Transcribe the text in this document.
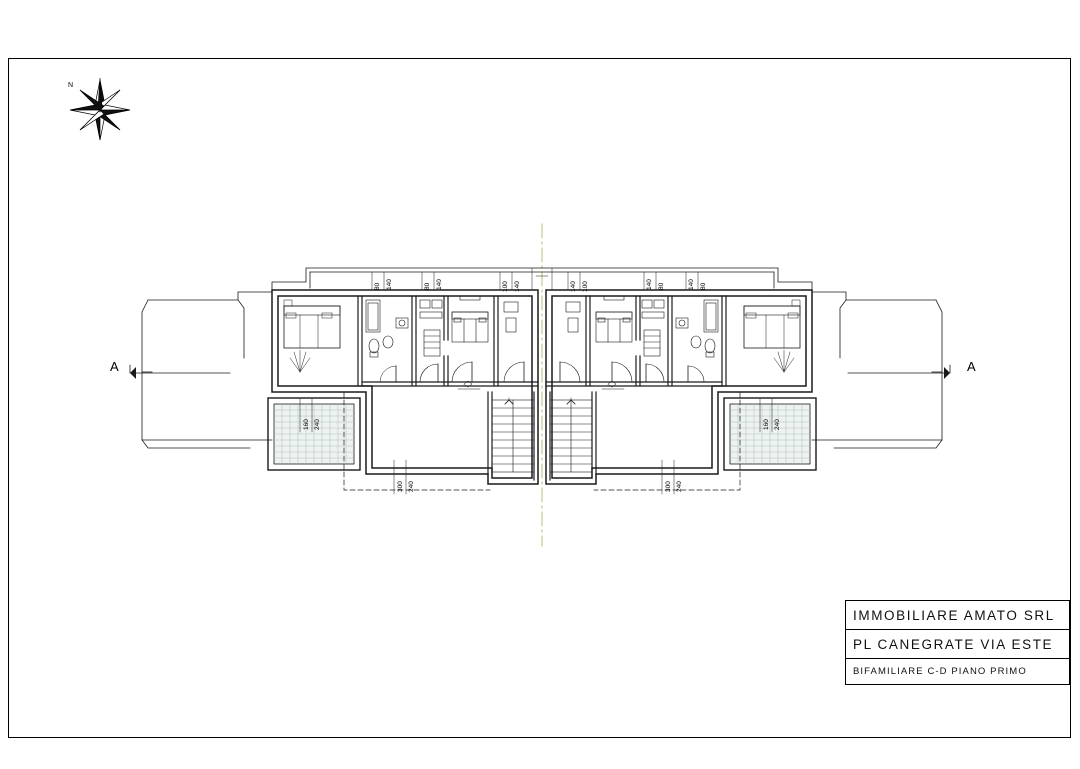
N
A	A
80 140	80 140	100 140	140 100	140 80	140 80
160 240	160 240
300 240	300 240
IMMOBILIARE AMATO SRL
PL CANEGRATE VIA ESTE
BIFAMILIARE C-D PIANO PRIMO
